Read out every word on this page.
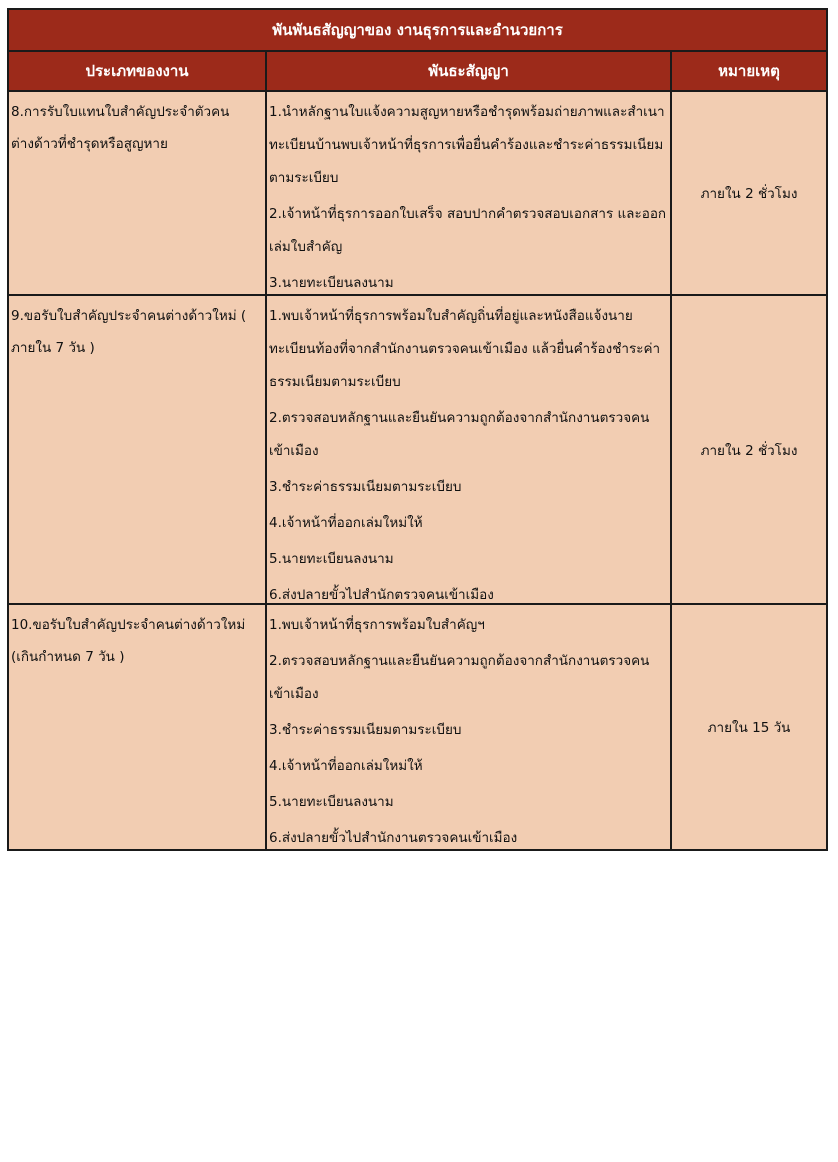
พันพันธสัญญาของ งานธุรการและอำนวยการ
ประเภทของงาน	พันธะสัญญา	หมายเหตุ
8.การรับใบแทนใบสำคัญประจำตัวคนต่างด้าวที่ชำรุดหรือสูญหาย
1.นำหลักฐานใบแจ้งความสูญหายหรือชำรุดพร้อมถ่ายภาพและสำเนาทะเบียนบ้านพบเจ้าหน้าที่ธุรการเพื่อยื่นคำร้องและชำระค่าธรรมเนียมตามระเบียบ
2.เจ้าหน้าที่ธุรการออกใบเสร็จ สอบปากคำตรวจสอบเอกสาร และออกเล่มใบสำคัญ
3.นายทะเบียนลงนาม
ภายใน 2 ชั่วโมง
9.ขอรับใบสำคัญประจำคนต่างด้าวใหม่ ( ภายใน 7 วัน )
1.พบเจ้าหน้าที่ธุรการพร้อมใบสำคัญถิ่นที่อยู่และหนังสือแจ้งนายทะเบียนท้องที่จากสำนักงานตรวจคนเข้าเมือง แล้วยื่นคำร้องชำระค่าธรรมเนียมตามระเบียบ
2.ตรวจสอบหลักฐานและยืนยันความถูกต้องจากสำนักงานตรวจคนเข้าเมือง
3.ชำระค่าธรรมเนียมตามระเบียบ
4.เจ้าหน้าที่ออกเล่มใหม่ให้
5.นายทะเบียนลงนาม
6.ส่งปลายขั้วไปสำนักตรวจคนเข้าเมือง
ภายใน 2 ชั่วโมง
10.ขอรับใบสำคัญประจำคนต่างด้าวใหม่ (เกินกำหนด 7 วัน )
1.พบเจ้าหน้าที่ธุรการพร้อมใบสำคัญฯ
2.ตรวจสอบหลักฐานและยืนยันความถูกต้องจากสำนักงานตรวจคนเข้าเมือง
3.ชำระค่าธรรมเนียมตามระเบียบ
4.เจ้าหน้าที่ออกเล่มใหม่ให้
5.นายทะเบียนลงนาม
6.ส่งปลายขั้วไปสำนักงานตรวจคนเข้าเมือง
ภายใน 15 วัน
